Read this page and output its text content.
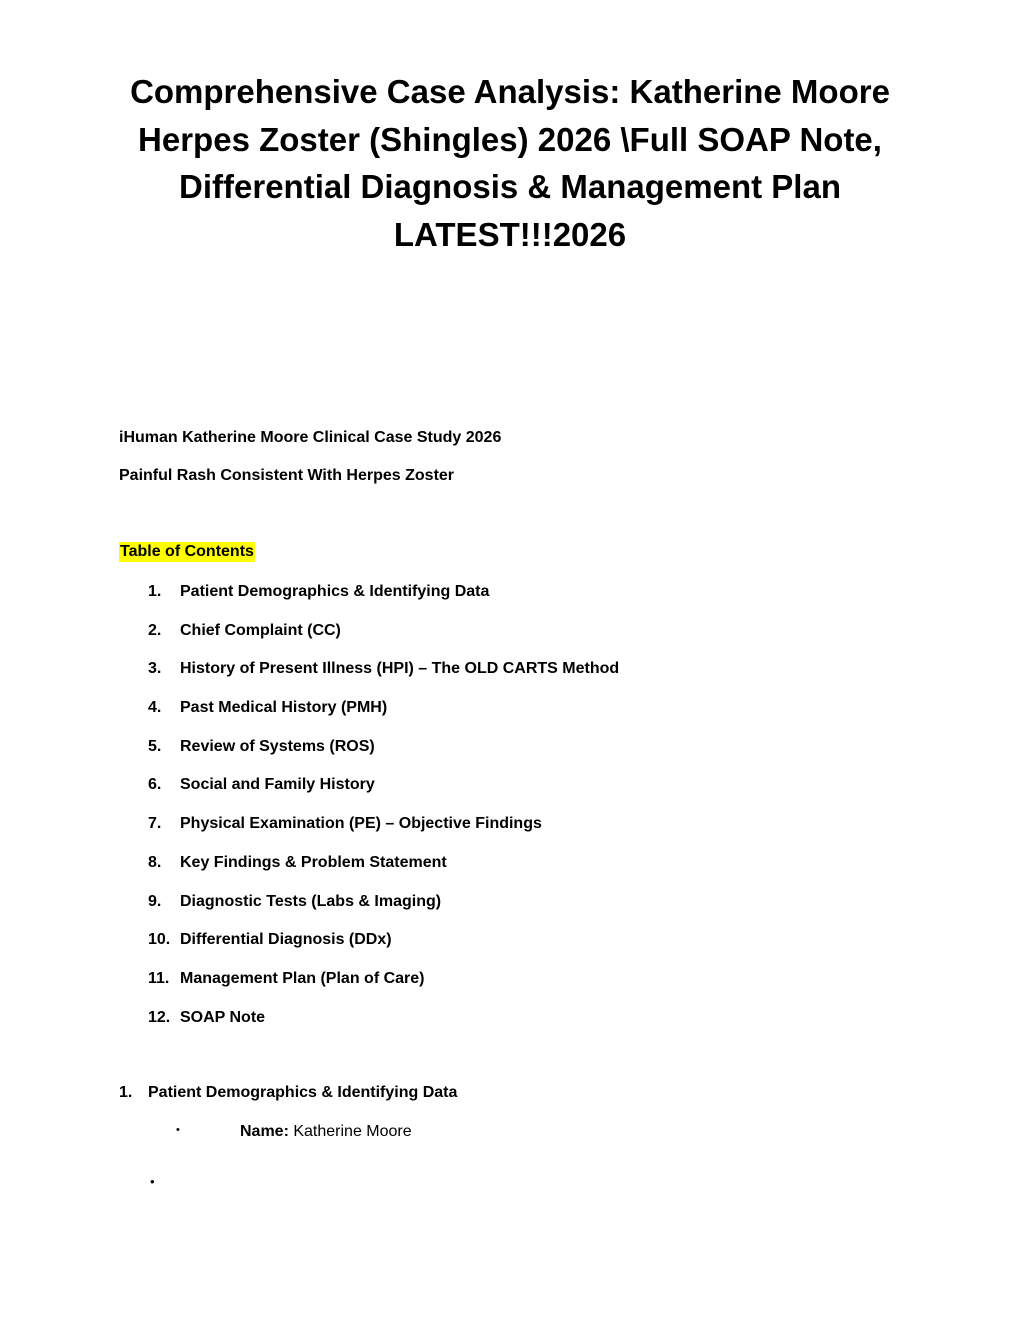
Comprehensive Case Analysis: Katherine Moore
Herpes Zoster (Shingles) 2026 \Full SOAP Note,
Differential Diagnosis & Management Plan
LATEST!!!2026

iHuman Katherine Moore Clinical Case Study 2026

Painful Rash Consistent With Herpes Zoster

Table of Contents

1.	Patient Demographics & Identifying Data
2.	Chief Complaint (CC)
3.	History of Present Illness (HPI) – The OLD CARTS Method
4.	Past Medical History (PMH)
5.	Review of Systems (ROS)
6.	Social and Family History
7.	Physical Examination (PE) – Objective Findings
8.	Key Findings & Problem Statement
9.	Diagnostic Tests (Labs & Imaging)
10. Differential Diagnosis (DDx)
11. Management Plan (Plan of Care)
12. SOAP Note

1. Patient Demographics & Identifying Data

•	Name: Katherine Moore
•
